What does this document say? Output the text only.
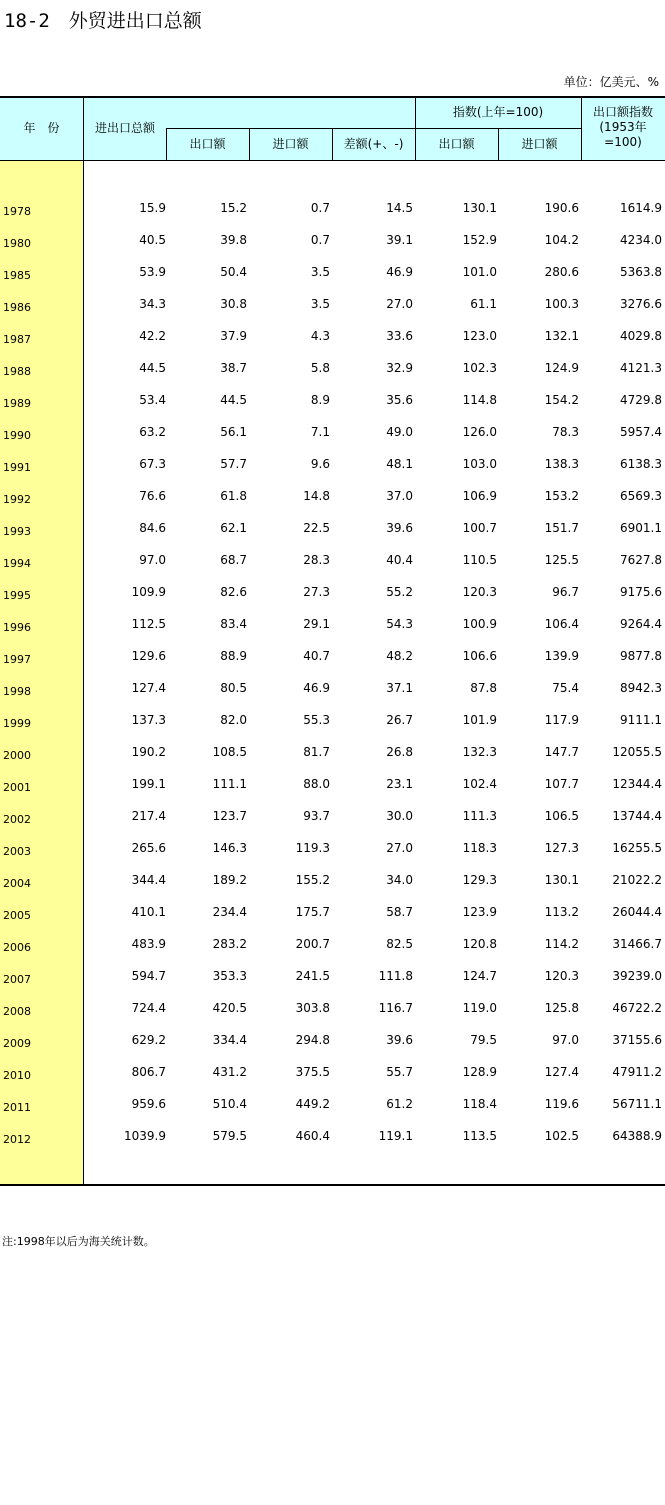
18-2　外贸进出口总额
单位：亿美元、%
年　份	进出口总额
出口额	进口额	差额(+、-)
指数(上年=100)
出口额	进口额
出口额指数
(1953年
=100)
1978	15.9	15.2	0.7	14.5	130.1	190.6	1614.9
1980	40.5	39.8	0.7	39.1	152.9	104.2	4234.0
1985	53.9	50.4	3.5	46.9	101.0	280.6	5363.8
1986	34.3	30.8	3.5	27.0	61.1	100.3	3276.6
1987	42.2	37.9	4.3	33.6	123.0	132.1	4029.8
1988	44.5	38.7	5.8	32.9	102.3	124.9	4121.3
1989	53.4	44.5	8.9	35.6	114.8	154.2	4729.8
1990	63.2	56.1	7.1	49.0	126.0	78.3	5957.4
1991	67.3	57.7	9.6	48.1	103.0	138.3	6138.3
1992	76.6	61.8	14.8	37.0	106.9	153.2	6569.3
1993	84.6	62.1	22.5	39.6	100.7	151.7	6901.1
1994	97.0	68.7	28.3	40.4	110.5	125.5	7627.8
1995	109.9	82.6	27.3	55.2	120.3	96.7	9175.6
1996	112.5	83.4	29.1	54.3	100.9	106.4	9264.4
1997	129.6	88.9	40.7	48.2	106.6	139.9	9877.8
1998	127.4	80.5	46.9	37.1	87.8	75.4	8942.3
1999	137.3	82.0	55.3	26.7	101.9	117.9	9111.1
2000	190.2	108.5	81.7	26.8	132.3	147.7	12055.5
2001	199.1	111.1	88.0	23.1	102.4	107.7	12344.4
2002	217.4	123.7	93.7	30.0	111.3	106.5	13744.4
2003	265.6	146.3	119.3	27.0	118.3	127.3	16255.5
2004	344.4	189.2	155.2	34.0	129.3	130.1	21022.2
2005	410.1	234.4	175.7	58.7	123.9	113.2	26044.4
2006	483.9	283.2	200.7	82.5	120.8	114.2	31466.7
2007	594.7	353.3	241.5	111.8	124.7	120.3	39239.0
2008	724.4	420.5	303.8	116.7	119.0	125.8	46722.2
2009	629.2	334.4	294.8	39.6	79.5	97.0	37155.6
2010	806.7	431.2	375.5	55.7	128.9	127.4	47911.2
2011	959.6	510.4	449.2	61.2	118.4	119.6	56711.1
2012	1039.9	579.5	460.4	119.1	113.5	102.5	64388.9
注:1998年以后为海关统计数。
